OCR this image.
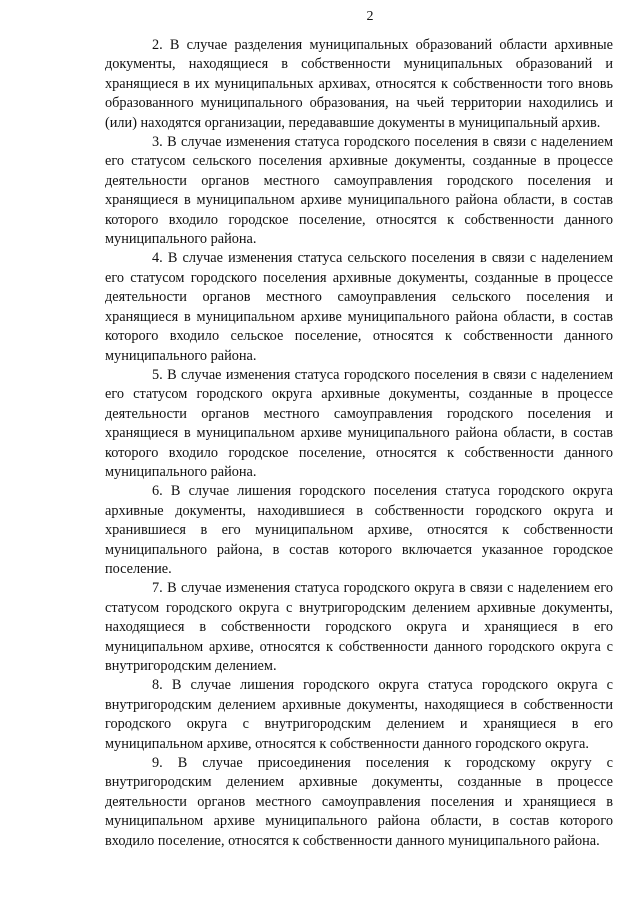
2

2. В случае разделения муниципальных образований области архивные документы, находящиеся в собственности муниципальных образований и хранящиеся в их муниципальных архивах, относятся к собственности того вновь образованного муниципального образования, на чьей территории находились и (или) находятся организации, передававшие документы в муниципальный архив.

3. В случае изменения статуса городского поселения в связи с наделением его статусом сельского поселения архивные документы, созданные в процессе деятельности органов местного самоуправления городского поселения и хранящиеся в муниципальном архиве муниципального района области, в состав которого входило городское поселение, относятся к собственности данного муниципального района.

4. В случае изменения статуса сельского поселения в связи с наделением его статусом городского поселения архивные документы, созданные в процессе деятельности органов местного самоуправления сельского поселения и хранящиеся в муниципальном архиве муниципального района области, в состав которого входило сельское поселение, относятся к собственности данного муниципального района.

5. В случае изменения статуса городского поселения в связи с наделением его статусом городского округа архивные документы, созданные в процессе деятельности органов местного самоуправления городского поселения и хранящиеся в муниципальном архиве муниципального района области, в состав которого входило городское поселение, относятся к собственности данного муниципального района.

6. В случае лишения городского поселения статуса городского округа архивные документы, находившиеся в собственности городского округа и хранившиеся в его муниципальном архиве, относятся к собственности муниципального района, в состав которого включается указанное городское поселение.

7. В случае изменения статуса городского округа в связи с наделением его статусом городского округа с внутригородским делением архивные документы, находящиеся в собственности городского округа и хранящиеся в его муниципальном архиве, относятся к собственности данного городского округа с внутригородским делением.

8. В случае лишения городского округа статуса городского округа с внутригородским делением архивные документы, находящиеся в собственности городского округа с внутригородским делением и хранящиеся в его муниципальном архиве, относятся к собственности данного городского округа.

9. В случае присоединения поселения к городскому округу с внутригородским делением архивные документы, созданные в процессе деятельности органов местного самоуправления поселения и хранящиеся в муниципальном архиве муниципального района области, в состав которого входило поселение, относятся к собственности данного муниципального района.
